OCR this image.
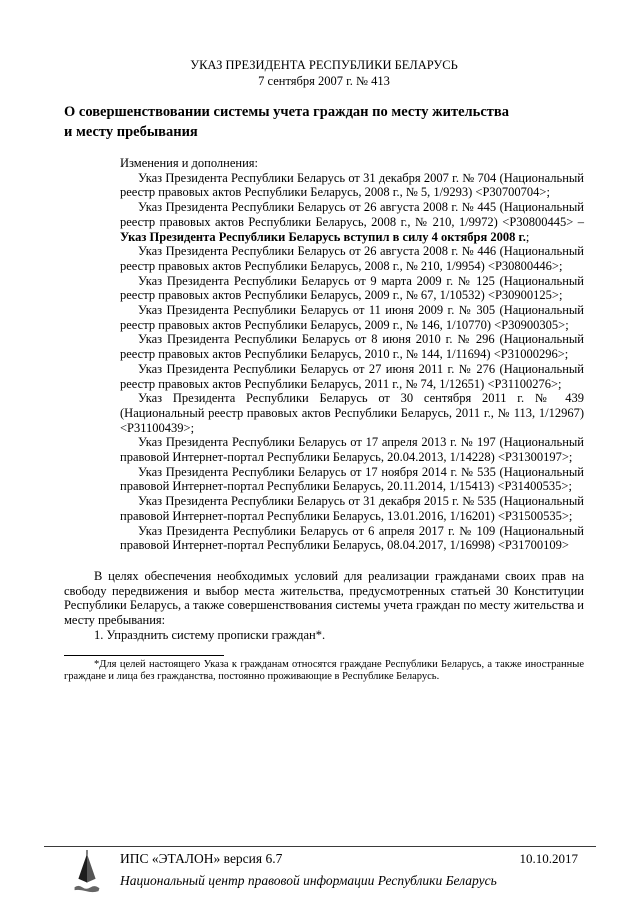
УКАЗ ПРЕЗИДЕНТА РЕСПУБЛИКИ БЕЛАРУСЬ
7 сентября 2007 г. № 413
О совершенствовании системы учета граждан по месту жительства и месту пребывания

Изменения и дополнения:

Указ Президента Республики Беларусь от 31 декабря 2007 г. № 704 (Национальный реестр правовых актов Республики Беларусь, 2008 г., № 5, 1/9293) <Р30700704>;

Указ Президента Республики Беларусь от 26 августа 2008 г. № 445 (Национальный реестр правовых актов Республики Беларусь, 2008 г., № 210, 1/9972) <Р30800445> – Указ Президента Республики Беларусь вступил в силу 4 октября 2008 г.;

Указ Президента Республики Беларусь от 26 августа 2008 г. № 446 (Национальный реестр правовых актов Республики Беларусь, 2008 г., № 210, 1/9954) <Р30800446>;

Указ Президента Республики Беларусь от 9 марта 2009 г. № 125 (Национальный реестр правовых актов Республики Беларусь, 2009 г., № 67, 1/10532) <Р30900125>;

Указ Президента Республики Беларусь от 11 июня 2009 г. № 305 (Национальный реестр правовых актов Республики Беларусь, 2009 г., № 146, 1/10770) <Р30900305>;

Указ Президента Республики Беларусь от 8 июня 2010 г. № 296 (Национальный реестр правовых актов Республики Беларусь, 2010 г., № 144, 1/11694) <Р31000296>;

Указ Президента Республики Беларусь от 27 июня 2011 г. № 276 (Национальный реестр правовых актов Республики Беларусь, 2011 г., № 74, 1/12651) <Р31100276>;

Указ Президента Республики Беларусь от 30 сентября 2011 г. № 439 (Национальный реестр правовых актов Республики Беларусь, 2011 г., № 113, 1/12967) <Р31100439>;

Указ Президента Республики Беларусь от 17 апреля 2013 г. № 197 (Национальный правовой Интернет-портал Республики Беларусь, 20.04.2013, 1/14228) <Р31300197>;

Указ Президента Республики Беларусь от 17 ноября 2014 г. № 535 (Национальный правовой Интернет-портал Республики Беларусь, 20.11.2014, 1/15413) <Р31400535>;

Указ Президента Республики Беларусь от 31 декабря 2015 г. № 535 (Национальный правовой Интернет-портал Республики Беларусь, 13.01.2016, 1/16201) <Р31500535>;

Указ Президента Республики Беларусь от 6 апреля 2017 г. № 109 (Национальный правовой Интернет-портал Республики Беларусь, 08.04.2017, 1/16998) <Р31700109>

В целях обеспечения необходимых условий для реализации гражданами своих прав на свободу передвижения и выбор места жительства, предусмотренных статьей 30 Конституции Республики Беларусь, а также совершенствования системы учета граждан по месту жительства и месту пребывания:

1. Упразднить систему прописки граждан*.

*Для целей настоящего Указа к гражданам относятся граждане Республики Беларусь, а также иностранные граждане и лица без гражданства, постоянно проживающие в Республике Беларусь.

ИПС «ЭТАЛОН» версия 6.7	10.10.2017
Национальный центр правовой информации Республики Беларусь
